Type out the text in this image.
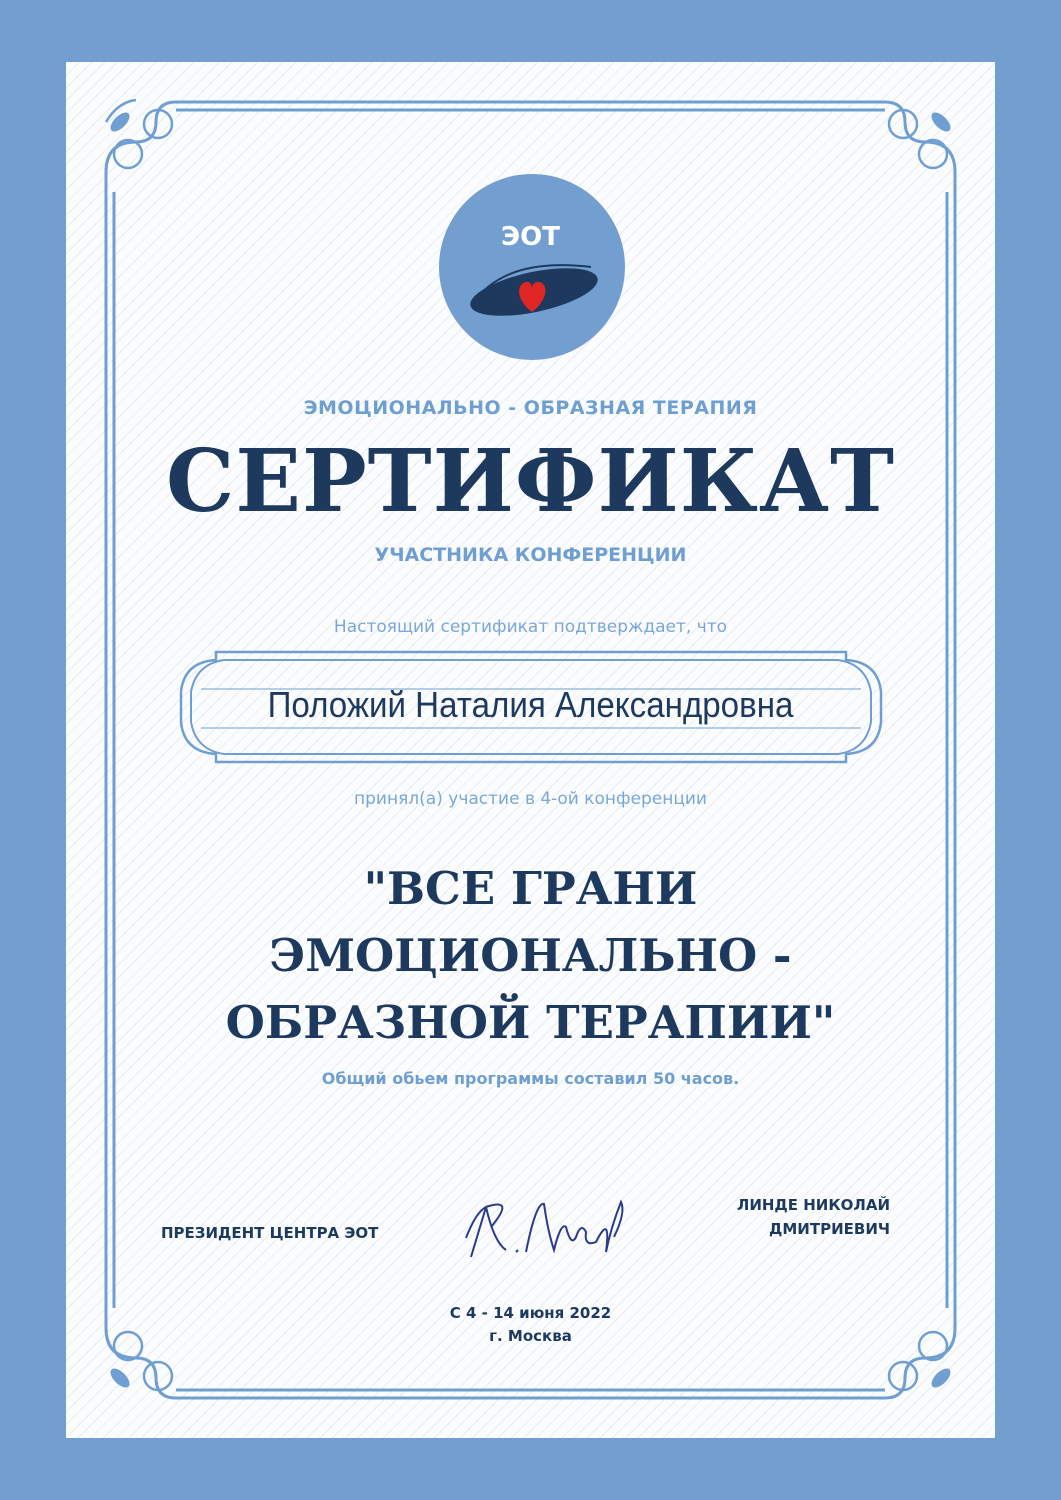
ЭОТ

ЭМОЦИОНАЛЬНО - ОБРАЗНАЯ ТЕРАПИЯ

СЕРТИФИКАТ

УЧАСТНИКА КОНФЕРЕНЦИИ

Настоящий сертификат подтверждает, что

Положий Наталия Александровна

принял(а) участие в 4-ой конференции

"ВСЕ ГРАНИ
ЭМОЦИОНАЛЬНО -
ОБРАЗНОЙ ТЕРАПИИ"

Общий обьем программы составил 50 часов.

ПРЕЗИДЕНТ ЦЕНТРА ЭОТ

ЛИНДЕ НИКОЛАЙ
ДМИТРИЕВИЧ
С 4 - 14 июня 2022
г. Москва
